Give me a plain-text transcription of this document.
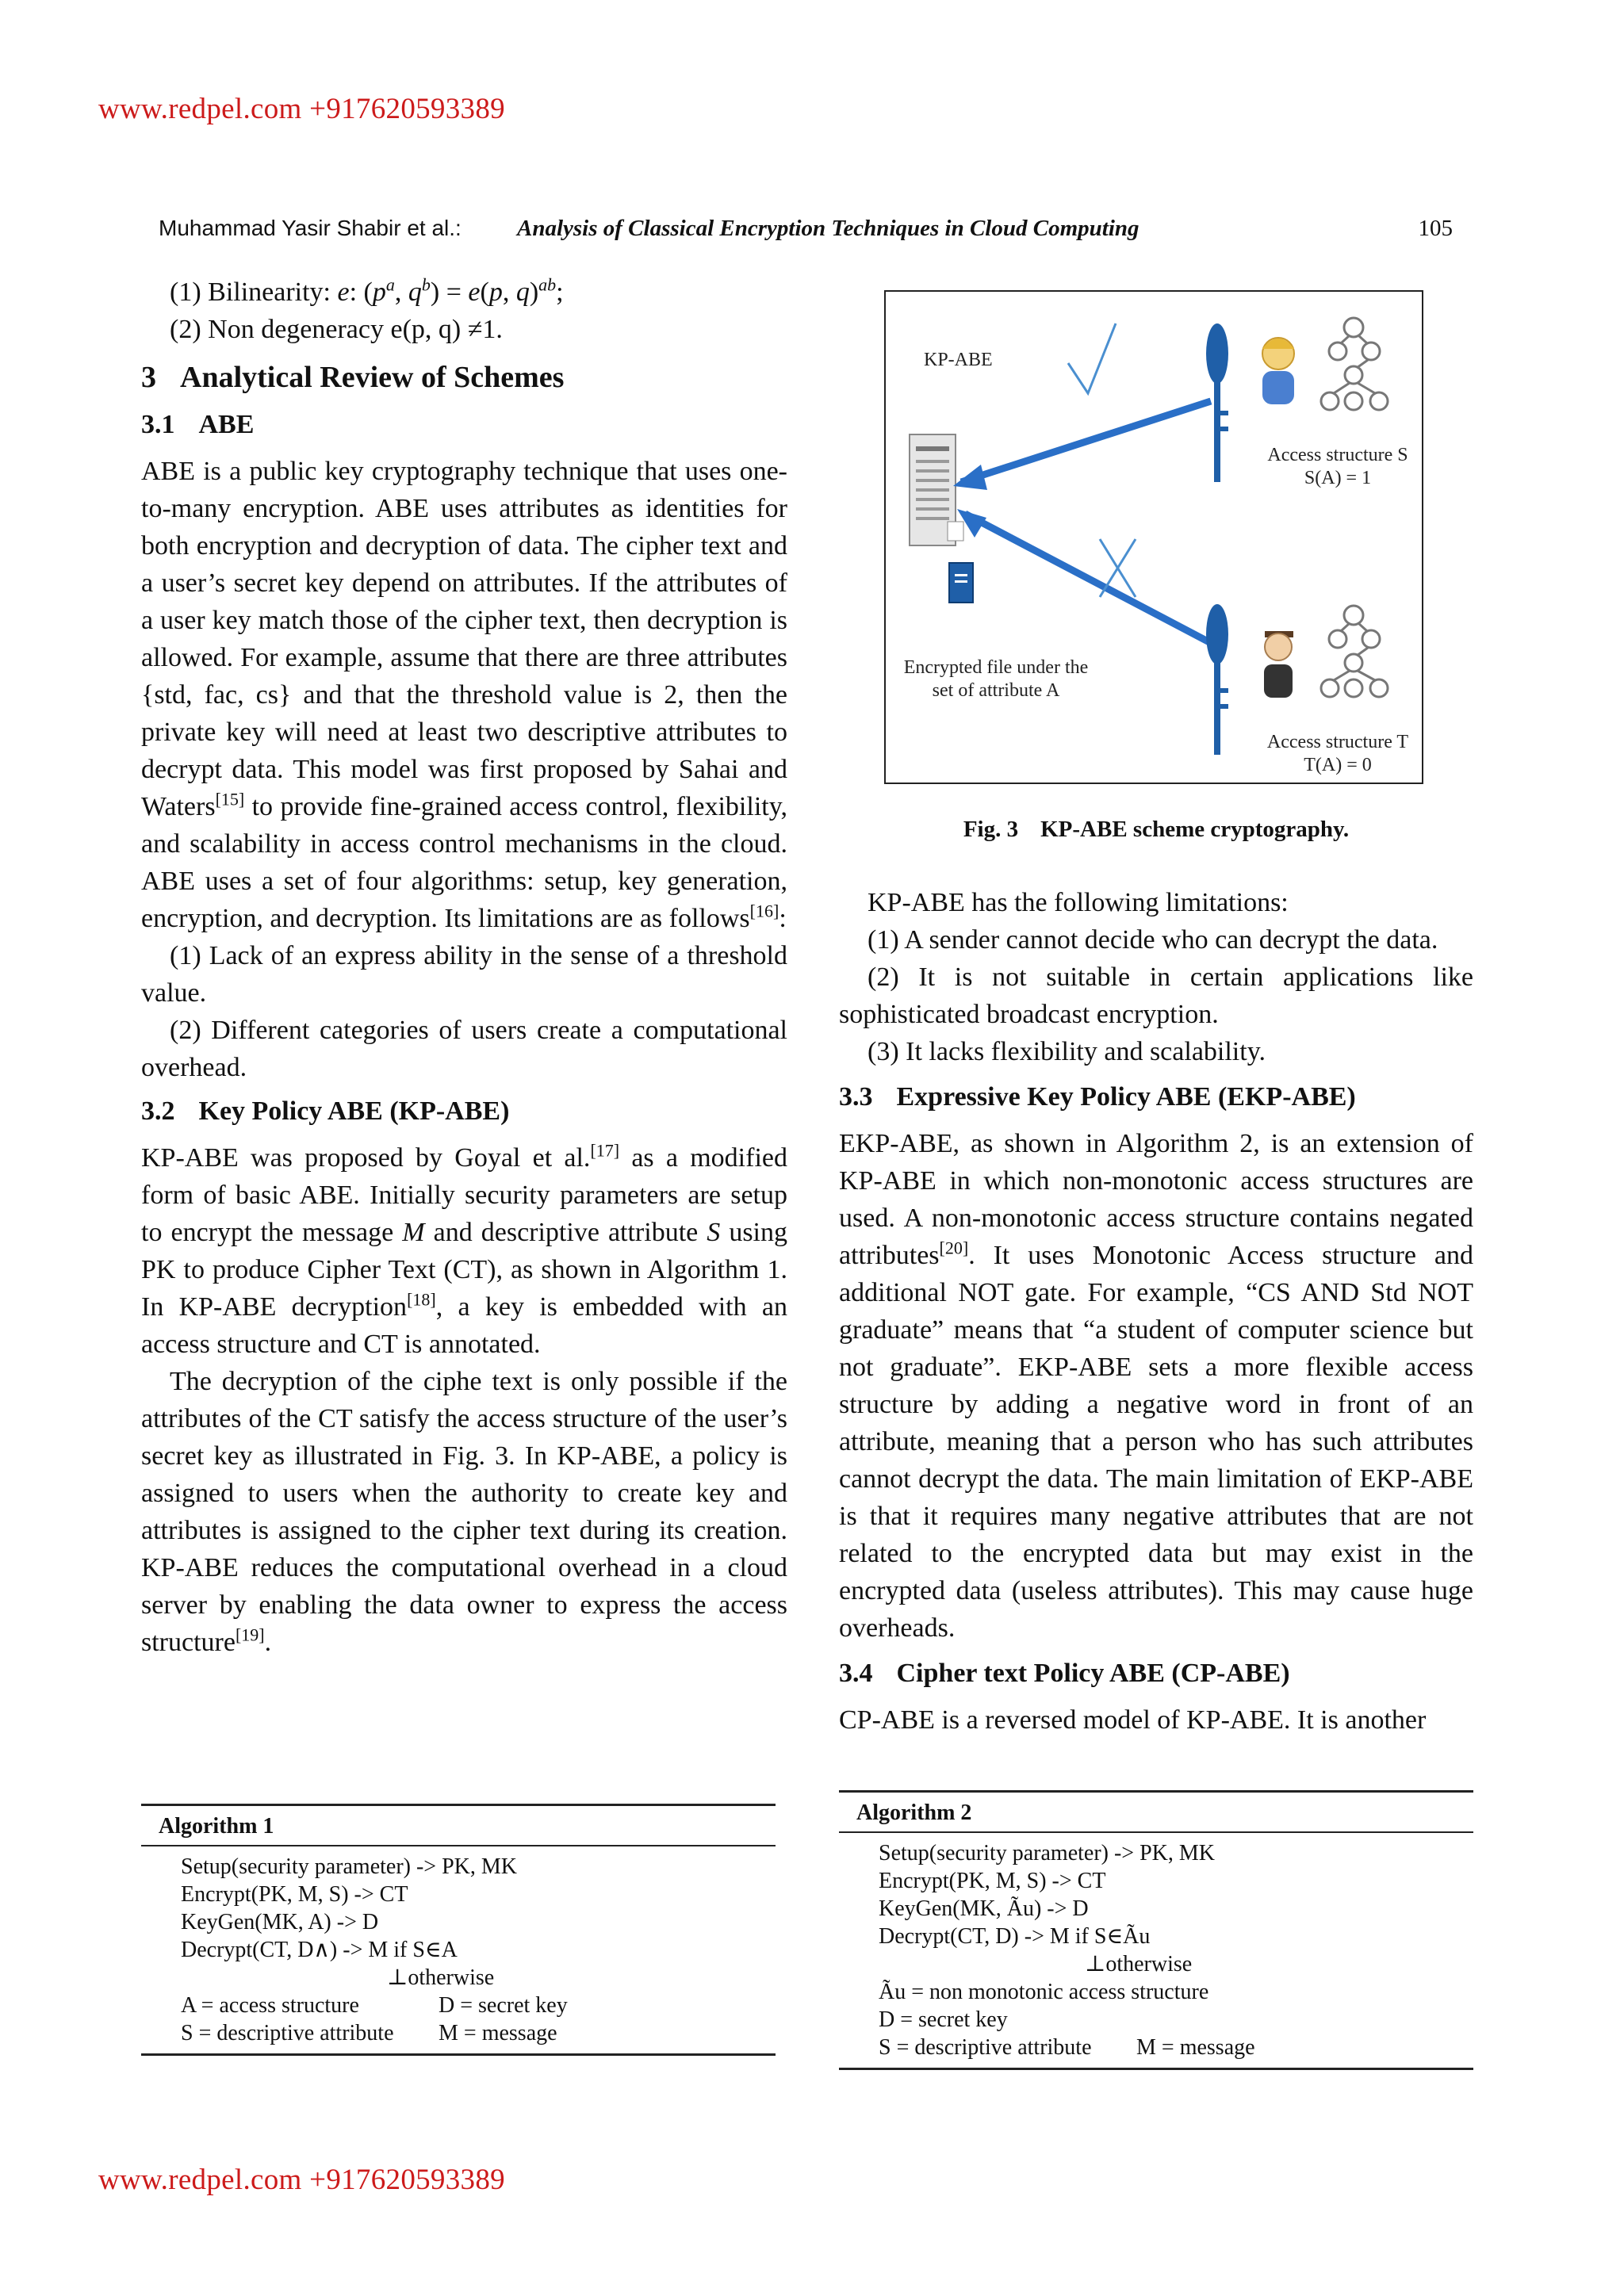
www.redpel.com +917620593389
Muhammad Yasir Shabir et al.: Analysis of Classical Encryption Techniques in Cloud Computing	105

(1) Bilinearity: e: ($p^a$, $q^b) = e(p$, q)$^{ab}$;

(2) Non degeneracy e(p, q) ≠1.

3 Analytical Review of Schemes

3.1 ABE

ABE is a public key cryptography technique that uses one-to-many encryption. ABE uses attributes as identities for both encryption and decryption of data. The cipher text and a user’s secret key depend on attributes. If the attributes of a user key match those of the cipher text, then decryption is allowed. For example, assume that there are three attributes {std, fac, cs} and that the threshold value is 2, then the private key will need at least two descriptive attributes to decrypt data. This model was first proposed by Sahai and Waters[15] to provide fine-grained access control, flexibility, and scalability in access control mechanisms in the cloud. ABE uses a set of four algorithms: setup, key generation, encryption, and decryption. Its limitations are as follows[16]:

(1) Lack of an express ability in the sense of a threshold value.

(2) Different categories of users create a computational overhead.

3.2 Key Policy ABE (KP-ABE)

KP-ABE was proposed by Goyal et al.[17] as a modified form of basic ABE. Initially security parameters are setup to encrypt the message M and descriptive attribute S using PK to produce Cipher Text (CT), as shown in Algorithm 1. In KP-ABE decryption[18], a key is embedded with an access structure and CT is annotated.

The decryption of the ciphe text is only possible if the attributes of the CT satisfy the access structure of the user’s secret key as illustrated in Fig. 3. In KP-ABE, a policy is assigned to users when the authority to create key and attributes is assigned to the cipher text during its creation. KP-ABE reduces the computational overhead in a cloud server by enabling the data owner to express the access structure[19].

KP-ABE
Encrypted file under the
set of attribute A
Access structure S
S(A) = 1
Access structure T
T(A) = 0
Fig. 3 KP-ABE scheme cryptography.

KP-ABE has the following limitations:

(1) A sender cannot decide who can decrypt the data.

(2) It is not suitable in certain applications like sophisticated broadcast encryption.

(3) It lacks flexibility and scalability.

3.3 Expressive Key Policy ABE (EKP-ABE)

EKP-ABE, as shown in Algorithm 2, is an extension of KP-ABE in which non-monotonic access structures are used. A non-monotonic access structure contains negated attributes[20]. It uses Monotonic Access structure and additional NOT gate. For example, “CS AND Std NOT graduate” means that “a student of computer science but not graduate”. EKP-ABE sets a more flexible access structure by adding a negative word in front of an attribute, meaning that a person who has such attributes cannot decrypt the data. The main limitation of EKP-ABE is that it requires many negative attributes that are not related to the encrypted data but may exist in the encrypted data (useless attributes). This may cause huge overheads.

3.4 Cipher text Policy ABE (CP-ABE)

CP-ABE is a reversed model of KP-ABE. It is another

Algorithm 1
Setup(security parameter) -> PK, MK
Encrypt(PK, M, S) -> CT
KeyGen(MK, A) -> D
Decrypt(CT, D∧) -> M if S∈A
⊥otherwise
A = access structure	D = secret key
S = descriptive attribute M = message
Algorithm 2
Setup(security parameter) -> PK, MK
Encrypt(PK, M, S) -> CT
KeyGen(MK, Ãu) -> D
Decrypt(CT, D) -> M if S∈Ãu
⊥otherwise
Ãu = non monotonic access structure
D = secret key
S = descriptive attribute M = message
www.redpel.com +917620593389
